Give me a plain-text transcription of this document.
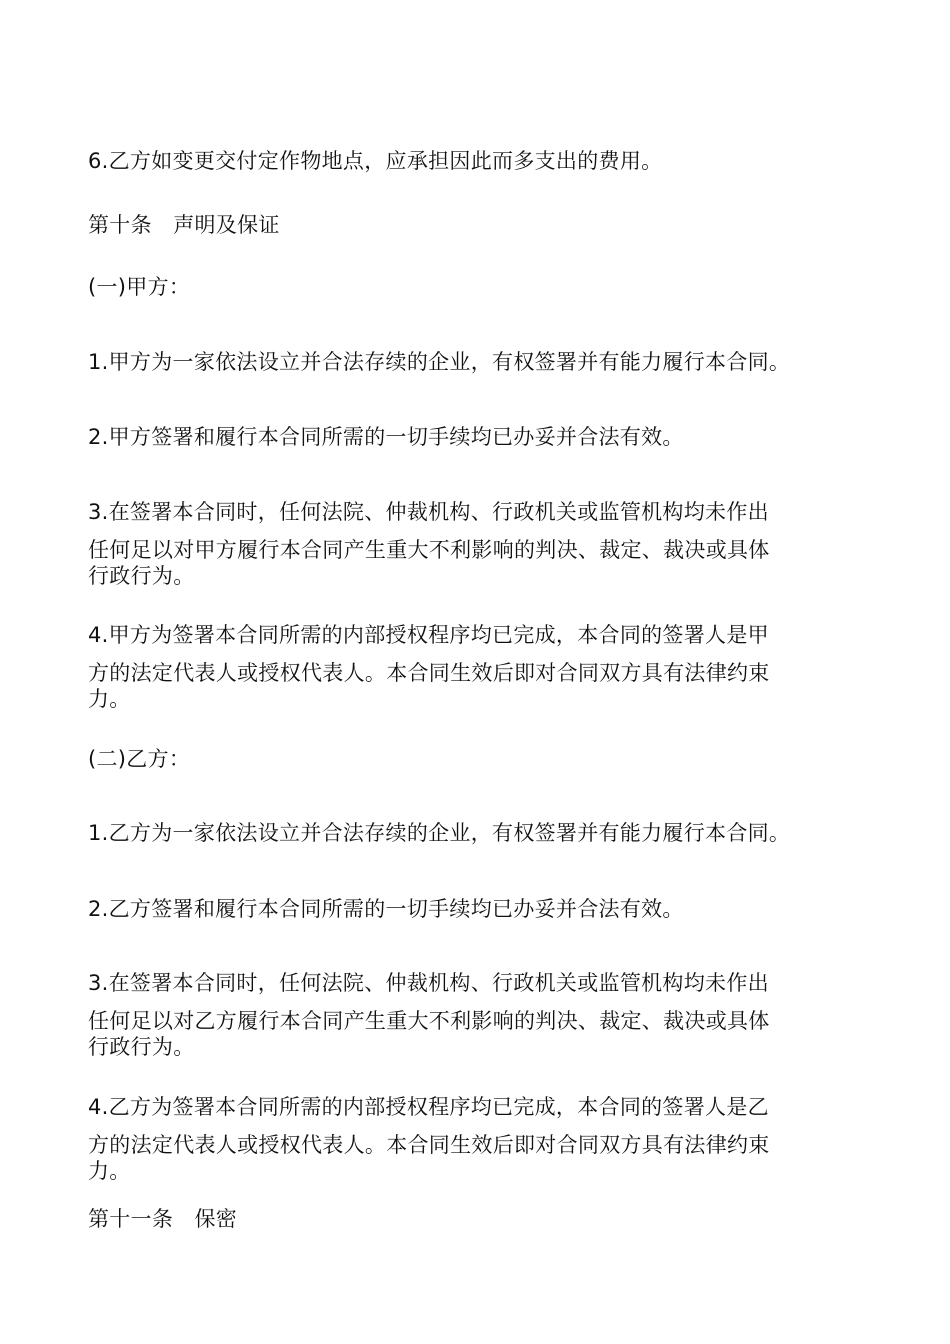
6.乙方如变更交付定作物地点，应承担因此而多支出的费用。
第十条　声明及保证
(一)甲方：
1.甲方为一家依法设立并合法存续的企业，有权签署并有能力履行本合同。
2.甲方签署和履行本合同所需的一切手续均已办妥并合法有效。
3.在签署本合同时，任何法院、仲裁机构、行政机关或监管机构均未作出
任何足以对甲方履行本合同产生重大不利影响的判决、裁定、裁决或具体
行政行为。
4.甲方为签署本合同所需的内部授权程序均已完成，本合同的签署人是甲
方的法定代表人或授权代表人。本合同生效后即对合同双方具有法律约束
力。
(二)乙方：
1.乙方为一家依法设立并合法存续的企业，有权签署并有能力履行本合同。
2.乙方签署和履行本合同所需的一切手续均已办妥并合法有效。
3.在签署本合同时，任何法院、仲裁机构、行政机关或监管机构均未作出
任何足以对乙方履行本合同产生重大不利影响的判决、裁定、裁决或具体
行政行为。
4.乙方为签署本合同所需的内部授权程序均已完成，本合同的签署人是乙
方的法定代表人或授权代表人。本合同生效后即对合同双方具有法律约束
力。
第十一条　保密
